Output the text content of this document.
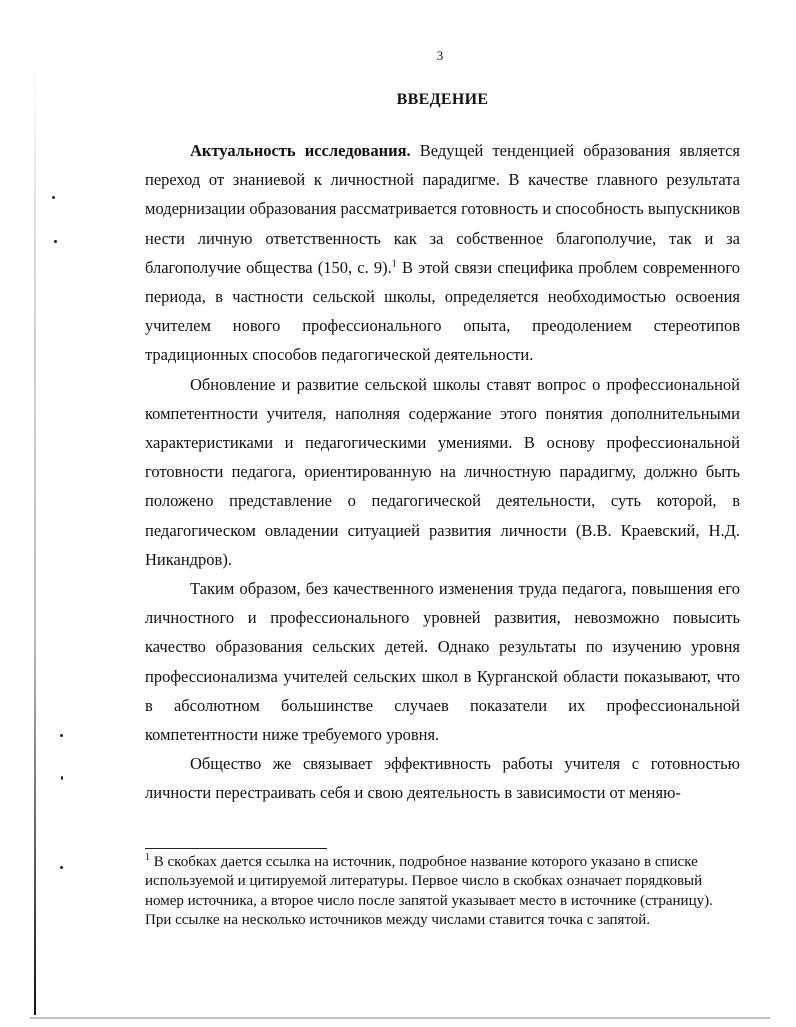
3
ВВЕДЕНИЕ

Актуальность исследования. Ведущей тенденцией образования является переход от знаниевой к личностной парадигме. В качестве главного результата модернизации образования рассматривается готовность и способность выпускников нести личную ответственность как за собственное благополучие, так и за благополучие общества (150, с. 9).$^1$ В этой связи специфика проблем современного периода, в частности сельской школы, определяется необходимостью освоения учителем нового профессионального опыта, преодолением стереотипов традиционных способов педагогической деятельности.

Обновление и развитие сельской школы ставят вопрос о профессиональной компетентности учителя, наполняя содержание этого понятия дополнительными характеристиками и педагогическими умениями. В основу профессиональной готовности педагога, ориентированную на личностную парадигму, должно быть положено представление о педагогической деятельности, суть которой, в педагогическом овладении ситуацией развития личности (В.В. Краевский, Н.Д. Никандров).

Таким образом, без качественного изменения труда педагога, повышения его личностного и профессионального уровней развития, невозможно повысить качество образования сельских детей. Однако результаты по изучению уровня профессионализма учителей сельских школ в Курганской области показывают, что в абсолютном большинстве случаев показатели их профессиональной компетентности ниже требуемого уровня.

Общество же связывает эффективность работы учителя с готовностью личности перестраивать себя и свою деятельность в зависимости от меняю-

$^1$ В скобках дается ссылка на источник, подробное название которого указано в списке используемой и цитируемой литературы. Первое число в скобках означает порядковый номер источника, а второе число после запятой указывает место в источнике (страницу). При ссылке на несколько источников между числами ставится точка с запятой.
